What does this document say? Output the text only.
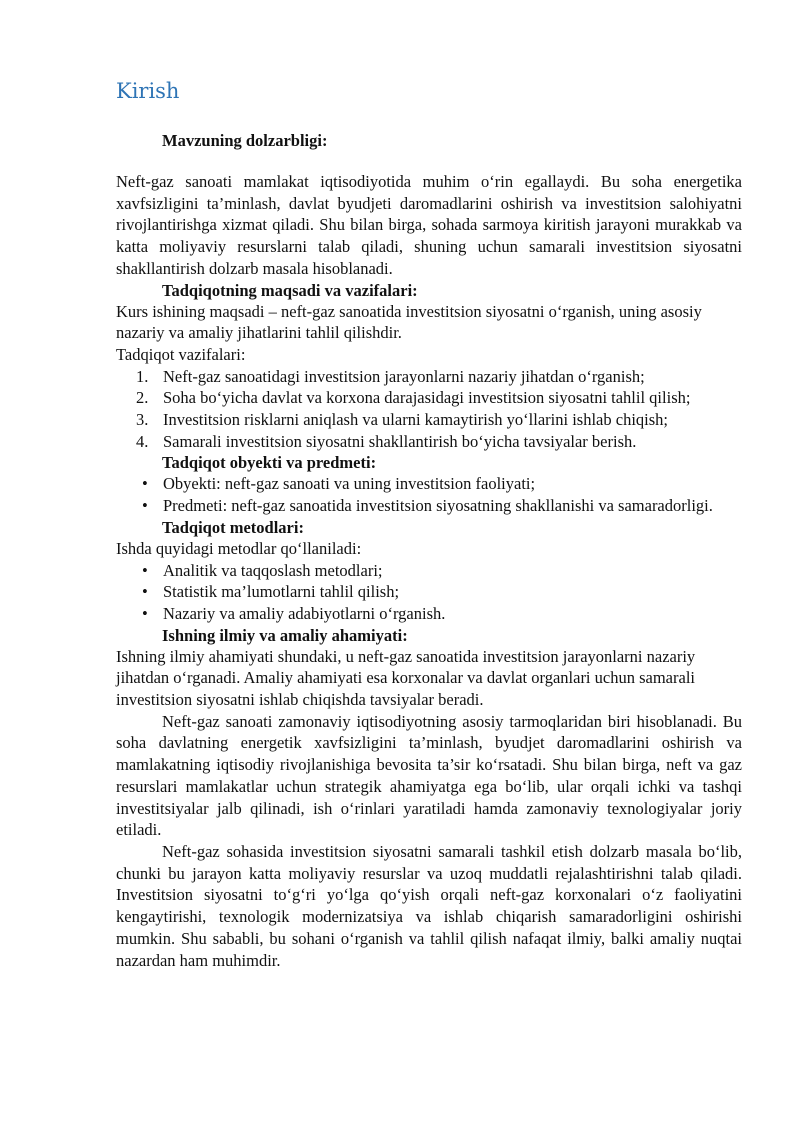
Kirish
Mavzuning dolzarbligi:

Neft-gaz sanoati mamlakat iqtisodiyotida muhim o‘rin egallaydi. Bu soha energetika xavfsizligini ta’minlash, davlat byudjeti daromadlarini oshirish va investitsion salohiyatni rivojlantirishga xizmat qiladi. Shu bilan birga, sohada sarmoya kiritish jarayoni murakkab va katta moliyaviy resurslarni talab qiladi, shuning uchun samarali investitsion siyosatni shakllantirish dolzarb masala hisoblanadi.

Tadqiqotning maqsadi va vazifalari:

Kurs ishining maqsadi – neft-gaz sanoatida investitsion siyosatni o‘rganish, uning asosiy nazariy va amaliy jihatlarini tahlil qilishdir.

Tadqiqot vazifalari:

1. Neft-gaz sanoatidagi investitsion jarayonlarni nazariy jihatdan o‘rganish;
2. Soha bo‘yicha davlat va korxona darajasidagi investitsion siyosatni tahlil qilish;
3. Investitsion risklarni aniqlash va ularni kamaytirish yo‘llarini ishlab chiqish;
4. Samarali investitsion siyosatni shakllantirish bo‘yicha tavsiyalar berish.
Tadqiqot obyekti va predmeti:
• Obyekti: neft-gaz sanoati va uning investitsion faoliyati;
• Predmeti: neft-gaz sanoatida investitsion siyosatning shakllanishi va samaradorligi.
Tadqiqot metodlari:

Ishda quyidagi metodlar qo‘llaniladi:

• Analitik va taqqoslash metodlari;
• Statistik ma’lumotlarni tahlil qilish;
• Nazariy va amaliy adabiyotlarni o‘rganish.
Ishning ilmiy va amaliy ahamiyati:

Ishning ilmiy ahamiyati shundaki, u neft-gaz sanoatida investitsion jarayonlarni nazariy jihatdan o‘rganadi. Amaliy ahamiyati esa korxonalar va davlat organlari uchun samarali investitsion siyosatni ishlab chiqishda tavsiyalar beradi.

Neft-gaz sanoati zamonaviy iqtisodiyotning asosiy tarmoqlaridan biri hisoblanadi. Bu soha davlatning energetik xavfsizligini ta’minlash, byudjet daromadlarini oshirish va mamlakatning iqtisodiy rivojlanishiga bevosita ta’sir ko‘rsatadi. Shu bilan birga, neft va gaz resurslari mamlakatlar uchun strategik ahamiyatga ega bo‘lib, ular orqali ichki va tashqi investitsiyalar jalb qilinadi, ish o‘rinlari yaratiladi hamda zamonaviy texnologiyalar joriy etiladi.

Neft-gaz sohasida investitsion siyosatni samarali tashkil etish dolzarb masala bo‘lib, chunki bu jarayon katta moliyaviy resurslar va uzoq muddatli rejalashtirishni talab qiladi. Investitsion siyosatni to‘g‘ri yo‘lga qo‘yish orqali neft-gaz korxonalari o‘z faoliyatini kengaytirishi, texnologik modernizatsiya va ishlab chiqarish samaradorligini oshirishi mumkin. Shu sababli, bu sohani o‘rganish va tahlil qilish nafaqat ilmiy, balki amaliy nuqtai nazardan ham muhimdir.
